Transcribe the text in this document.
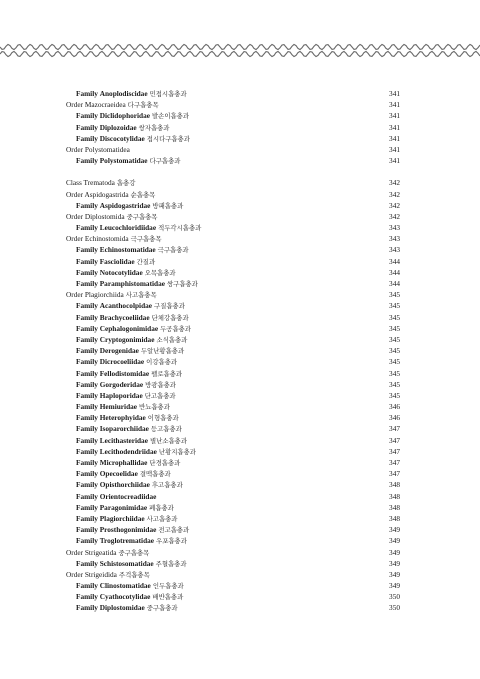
Family Anoplodiscidae 민접시흡충과	341
Order Mazocraeidea 다구흡충목	341
Family Diclidophoridae 발손이흡충과	341
Family Diplozoidae 쌍자흡충과	341
Family Discocotylidae 접시다구흡충과	341
Order Polystomatidea	341
Family Polystomatidae 다구흡충과	341
Class Trematoda 흡충강	342
Order Aspidogastrida 순흡충목	342
Family Aspidogastridae 방패흡충과	342
Order Diplostomida 중구흡충목	342
Family Leucochloridiidae 적두각시흡충과	343
Order Echinostomida 극구흡충목	343
Family Echinostomatidae 극구흡충과	343
Family Fasciolidae 간질과	344
Family Notocotylidae 오목흡충과	344
Family Paramphistomatidae 쌍구흡충과	344
Order Plagiorchiida 사고흡충목	345
Family Acanthocolpidae 구질흡충과	345
Family Brachycoeliidae 단체강흡충과	345
Family Cephalogonimidae 두공흡충과	345
Family Cryptogonimidae 소식흡충과	345
Family Derogenidae 두알난황흡충과	345
Family Dicrocoeliidae 이강흡충과	345
Family Fellodistomidae 펠로흡충과	345
Family Gorgoderidae 방광흡충과	345
Family Haploporidae 단고흡충과	345
Family Hemiuridae 반뇨흡충과	346
Family Heterophyidae 이형흡충과	346
Family Isoparorchiidae 등고흡충과	347
Family Lecithasteridae 별난소흡충과	347
Family Lecithodendriidae 난황지흡충과	347
Family Microphallidae 단경흡충과	347
Family Opecoelidae 결맥흡충과	347
Family Opisthorchiidae 후고흡충과	348
Family Orientocreadiidae	348
Family Paragonimidae 폐흡충과	348
Family Plagiorchiidae 사고흡충과	348
Family Prosthogonimidae 전고흡충과	349
Family Troglotrematidae 우포흡충과	349
Order Strigeatida 중구흡충목	349
Family Schistosomatidae 주혈흡충과	349
Order Strigeidida 주걱흡충목	349
Family Clinostomatidae 인두흡충과	349
Family Cyathocotylidae 배반흡충과	350
Family Diplostomidae 중구흡충과	350
